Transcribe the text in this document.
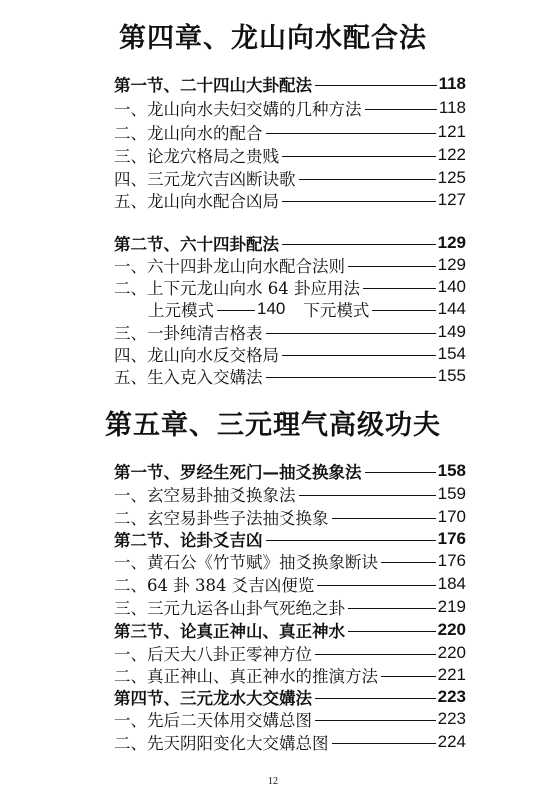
第四章、龙山向水配合法
第一节、二十四山大卦配法	118
一、龙山向水夫妇交媾的几种方法	118
二、龙山向水的配合	121
三、论龙穴格局之贵贱	122
四、三元龙穴吉凶断诀歌	125
五、龙山向水配合凶局	127
第二节、六十四卦配法	129
一、六十四卦龙山向水配合法则	129
二、上下元龙山向水 64 卦应用法	140
上元模式	140 下元模式	144
三、一卦纯清吉格表	149
四、龙山向水反交格局	154
五、生入克入交媾法	155
第五章、三元理气高级功夫
第一节、罗经生死门—抽爻换象法	158
一、玄空易卦抽爻换象法	159
二、玄空易卦些子法抽爻换象	170
第二节、论卦爻吉凶	176
一、黄石公《竹节赋》抽爻换象断诀	176
二、64 卦 384 爻吉凶便览	184
三、三元九运各山卦气死绝之卦	219
第三节、论真正神山、真正神水	220
一、后天大八卦正零神方位	220
二、真正神山、真正神水的推演方法	221
第四节、三元龙水大交媾法	223
一、先后二天体用交媾总图	223
二、先天阴阳变化大交媾总图	224
12
